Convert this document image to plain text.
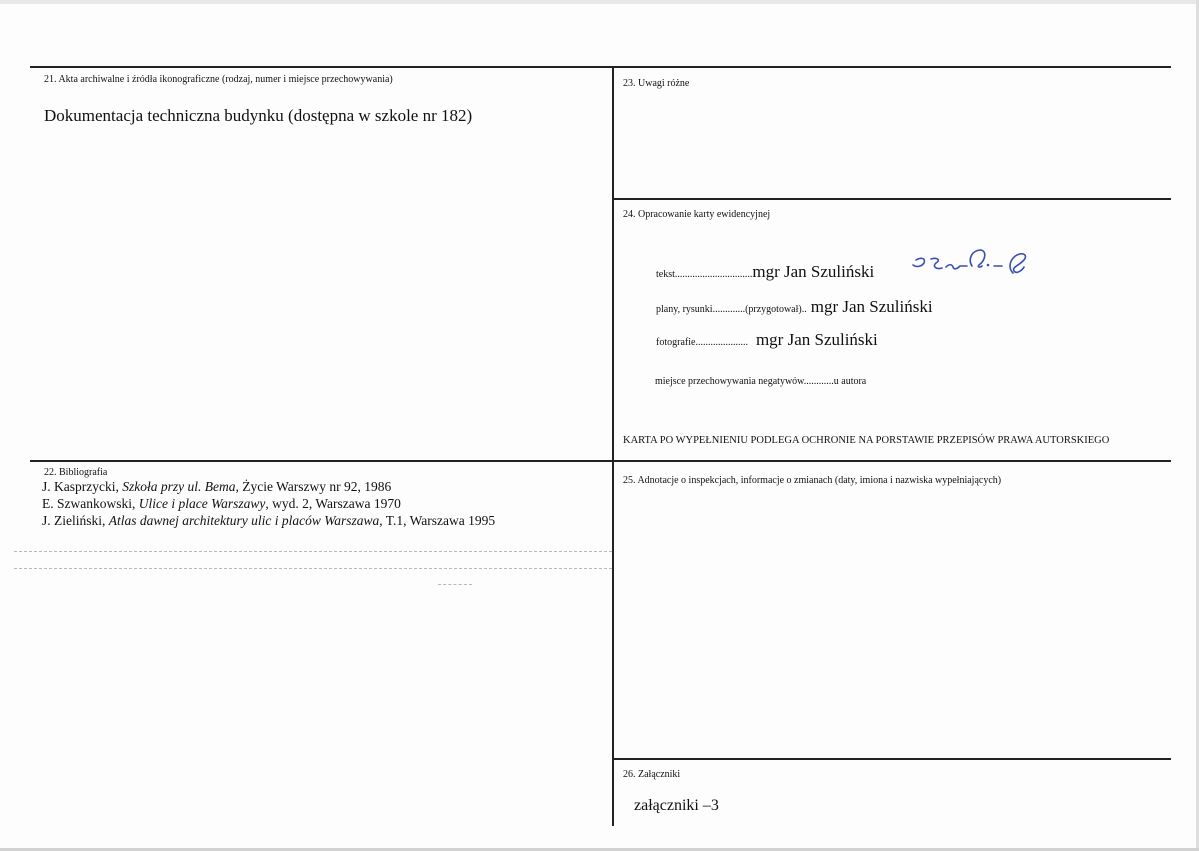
21. Akta archiwalne i źródła ikonograficzne (rodzaj, numer i miejsce przechowywania)
Dokumentacja techniczna budynku (dostępna w szkole nr 182)
23. Uwagi różne
24. Opracowanie karty ewidencyjnej
tekst...............................mgr Jan Szuliński
plany, rysunki.............(przygotował).. mgr Jan Szuliński
fotografie..................... mgr Jan Szuliński
miejsce przechowywania negatywów............u autora
KARTA PO WYPEŁNIENIU PODLEGA OCHRONIE NA PORSTAWIE PRZEPISÓW PRAWA AUTORSKIEGO
22. Bibliografia
J. Kasprzycki, Szkoła przy ul. Bema, Życie Warszwy nr 92, 1986
E. Szwankowski, Ulice i place Warszawy, wyd. 2, Warszawa 1970
J. Zieliński, Atlas dawnej architektury ulic i placów Warszawa, T.1, Warszawa 1995
25. Adnotacje o inspekcjach, informacje o zmianach (daty, imiona i nazwiska wypełniających)
26. Załączniki
załączniki –3
